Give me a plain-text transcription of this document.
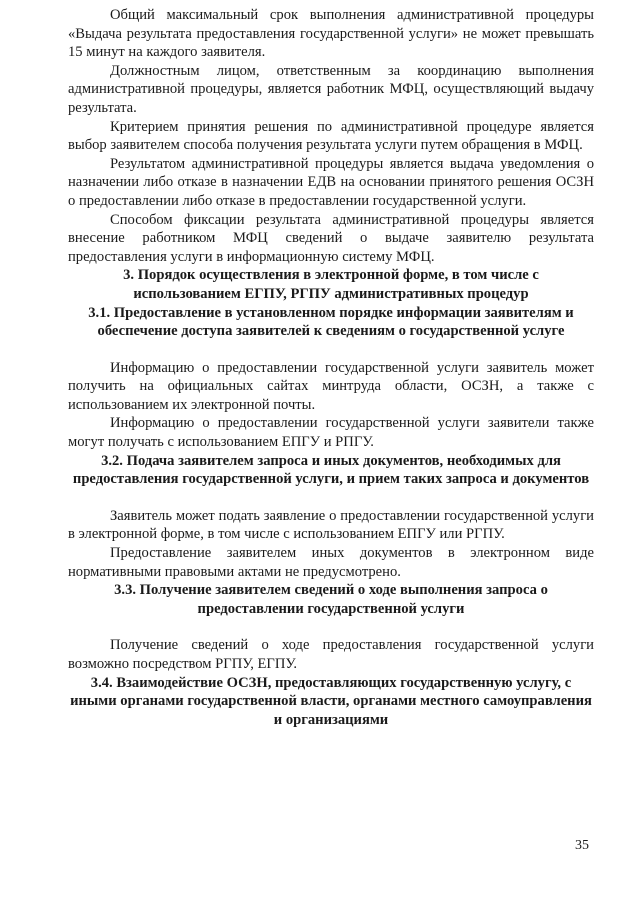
Общий максимальный срок выполнения административной процедуры «Выдача результата предоставления государственной услуги» не может превышать 15 минут на каждого заявителя.

Должностным лицом, ответственным за координацию выполнения административной процедуры, является работник МФЦ, осуществляющий выдачу результата.

Критерием принятия решения по административной процедуре является выбор заявителем способа получения результата услуги путем обращения в МФЦ.

Результатом административной процедуры является выдача уведомления о назначении либо отказе в назначении ЕДВ на основании принятого решения ОСЗН о предоставлении либо отказе в предоставлении государственной услуги.

Способом фиксации результата административной процедуры является внесение работником МФЦ сведений о выдаче заявителю результата предоставления услуги в информационную систему МФЦ.

3. Порядок осуществления в электронной форме, в том числе с использованием ЕГПУ, РГПУ административных процедур
3.1. Предоставление в установленном порядке информации заявителям и обеспечение доступа заявителей к сведениям о государственной услуге

Информацию о предоставлении государственной услуги заявитель может получить на официальных сайтах минтруда области, ОСЗН, а также с использованием их электронной почты.

Информацию о предоставлении государственной услуги заявители также могут получать с использованием ЕПГУ и РПГУ.

3.2. Подача заявителем запроса и иных документов, необходимых для предоставления государственной услуги, и прием таких запроса и документов

Заявитель может подать заявление о предоставлении государственной услуги в электронной форме, в том числе с использованием ЕПГУ или РГПУ.

Предоставление заявителем иных документов в электронном виде нормативными правовыми актами не предусмотрено.

3.3. Получение заявителем сведений о ходе выполнения запроса о предоставлении государственной услуги

Получение сведений о ходе предоставления государственной услуги возможно посредством РГПУ, ЕГПУ.

3.4. Взаимодействие ОСЗН, предоставляющих государственную услугу, с иными органами государственной власти, органами местного самоуправления и организациями
35
